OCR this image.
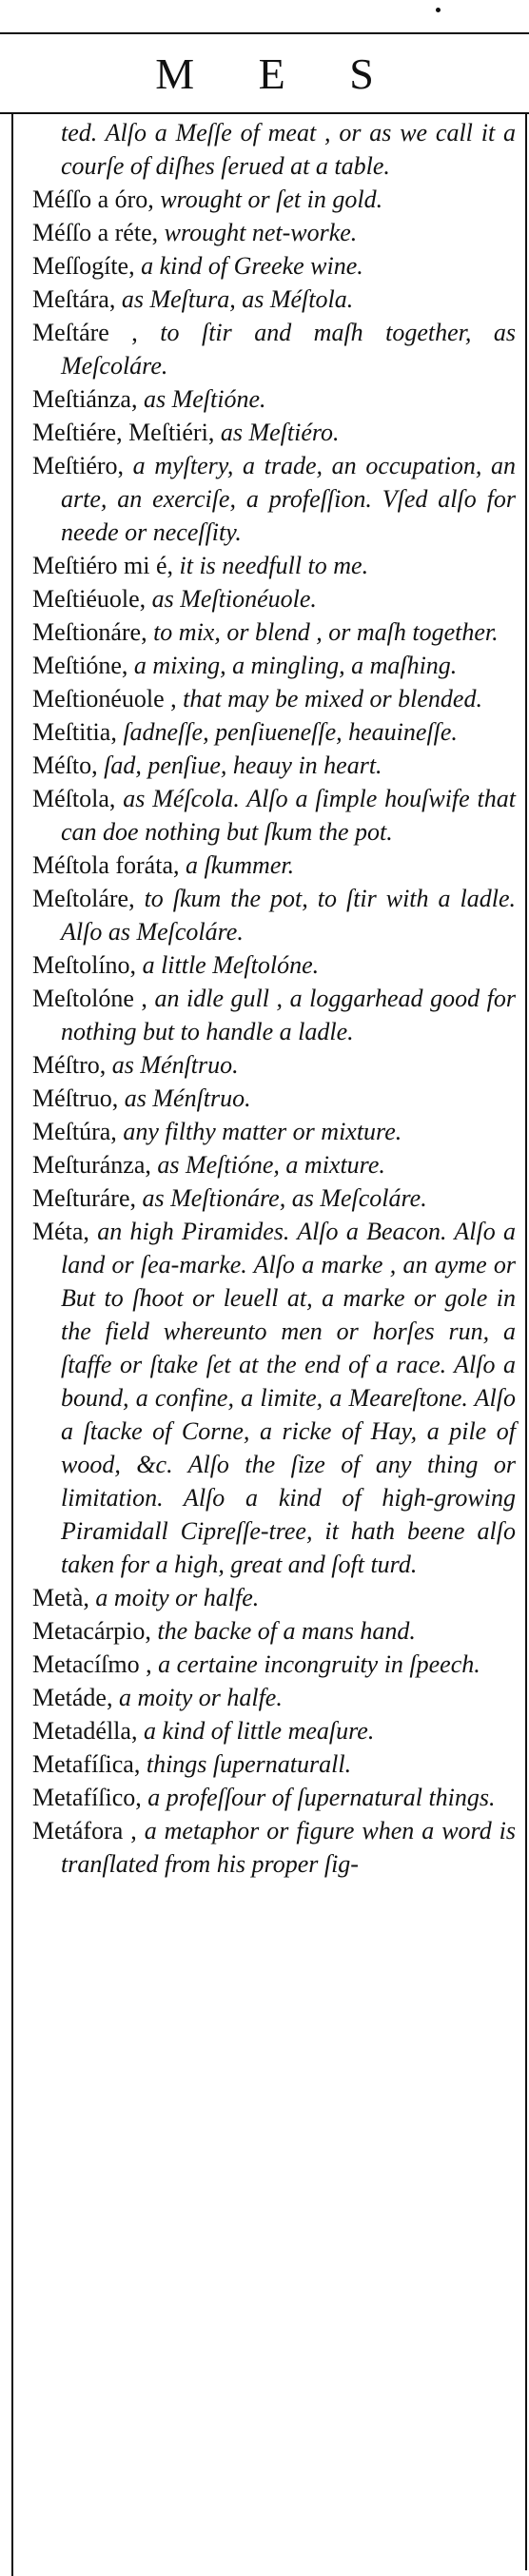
M E S
ted. Alſo a Meſſe of meat , or as we call it a courſe of diſhes ſerued at a table.
Méſſo a óro, wrought or ſet in gold.
Méſſo a réte, wrought net-worke.
Meſſogíte, a kind of Greeke wine.
Meſtára, as Meſtura, as Méſtola.
Meſtáre , to ſtir and maſh together, as Meſcoláre.
Meſtiánza, as Meſtióne.
Meſtiére, Meſtiéri, as Meſtiéro.
Meſtiéro, a myſtery, a trade, an occupation, an arte, an exerciſe, a profeſſion. Vſed alſo for neede or neceſſity.
Meſtiéro mi é, it is needfull to me.
Meſtiéuole, as Meſtionéuole.
Meſtionáre, to mix, or blend , or maſh together.
Meſtióne, a mixing, a mingling, a maſhing.
Meſtionéuole , that may be mixed or blended.
Meſtitia, ſadneſſe, penſiueneſſe, heauineſſe.
Méſto, ſad, penſiue, heauy in heart.
Méſtola, as Méſcola. Alſo a ſimple houſwife that can doe nothing but ſkum the pot.
Méſtola foráta, a ſkummer.
Meſtoláre, to ſkum the pot, to ſtir with a ladle. Alſo as Meſcoláre.
Meſtolíno, a little Meſtolóne.
Meſtolóne , an idle gull , a loggarhead good for nothing but to handle a ladle.
Méſtro, as Ménſtruo.
Méſtruo, as Ménſtruo.
Meſtúra, any filthy matter or mixture.
Meſturánza, as Meſtióne, a mixture.
Meſturáre, as Meſtionáre, as Meſcoláre.
Méta, an high Piramides. Alſo a Beacon. Alſo a land or ſea-marke. Alſo a marke , an ayme or But to ſhoot or leuell at, a marke or gole in the field whereunto men or horſes run, a ſtaffe or ſtake ſet at the end of a race. Alſo a bound, a confine, a limite, a Meareſtone. Alſo a ſtacke of Corne, a ricke of Hay, a pile of wood, &c. Alſo the ſize of any thing or limitation. Alſo a kind of high-growing Piramidall Cipreſſe-tree, it hath beene alſo taken for a high, great and ſoft turd.
Metà, a moity or halfe.
Metacárpio, the backe of a mans hand.
Metacíſmo , a certaine incongruity in ſpeech.
Metáde, a moity or halfe.
Metadélla, a kind of little meaſure.
Metafíſica, things ſupernaturall.
Metafíſico, a profeſſour of ſupernatural things.
Metáfora , a metaphor or figure when a word is tranſlated from his proper ſig-
